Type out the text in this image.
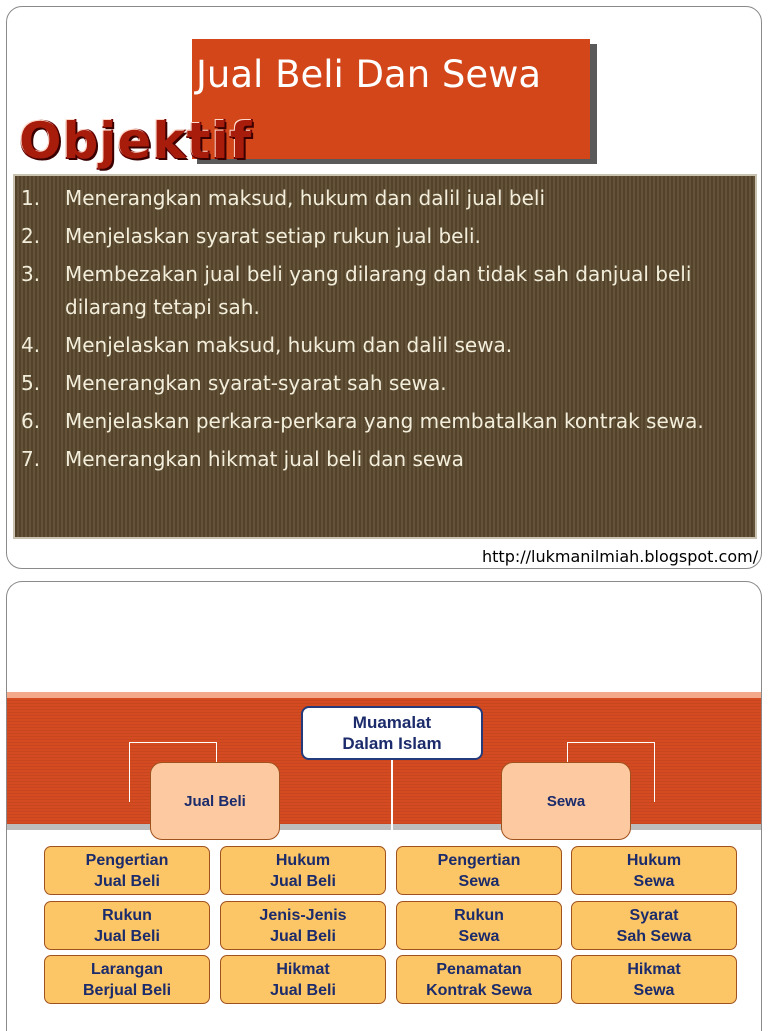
Jual Beli Dan Sewa
Objektif
1.	Menerangkan maksud, hukum dan dalil jual beli
2.	Menjelaskan syarat setiap rukun jual beli.
3.	Membezakan jual beli yang dilarang dan tidak sah danjual beli dilarang tetapi sah.
4.	Menjelaskan maksud, hukum dan dalil sewa.
5.	Menerangkan syarat-syarat sah sewa.
6.	Menjelaskan perkara-perkara yang membatalkan kontrak sewa.
7.	Menerangkan hikmat jual beli dan sewa
http://lukmanilmiah.blogspot.com/
Muamalat
Dalam Islam
Jual Beli	Sewa
Pengertian
Jual Beli
Hukum
Jual Beli
Pengertian
Sewa
Hukum
Sewa
Rukun
Jual Beli
Jenis-Jenis
Jual Beli
Rukun
Sewa
Syarat
Sah Sewa
Larangan
Berjual Beli
Hikmat
Jual Beli
Penamatan
Kontrak Sewa
Hikmat
Sewa
